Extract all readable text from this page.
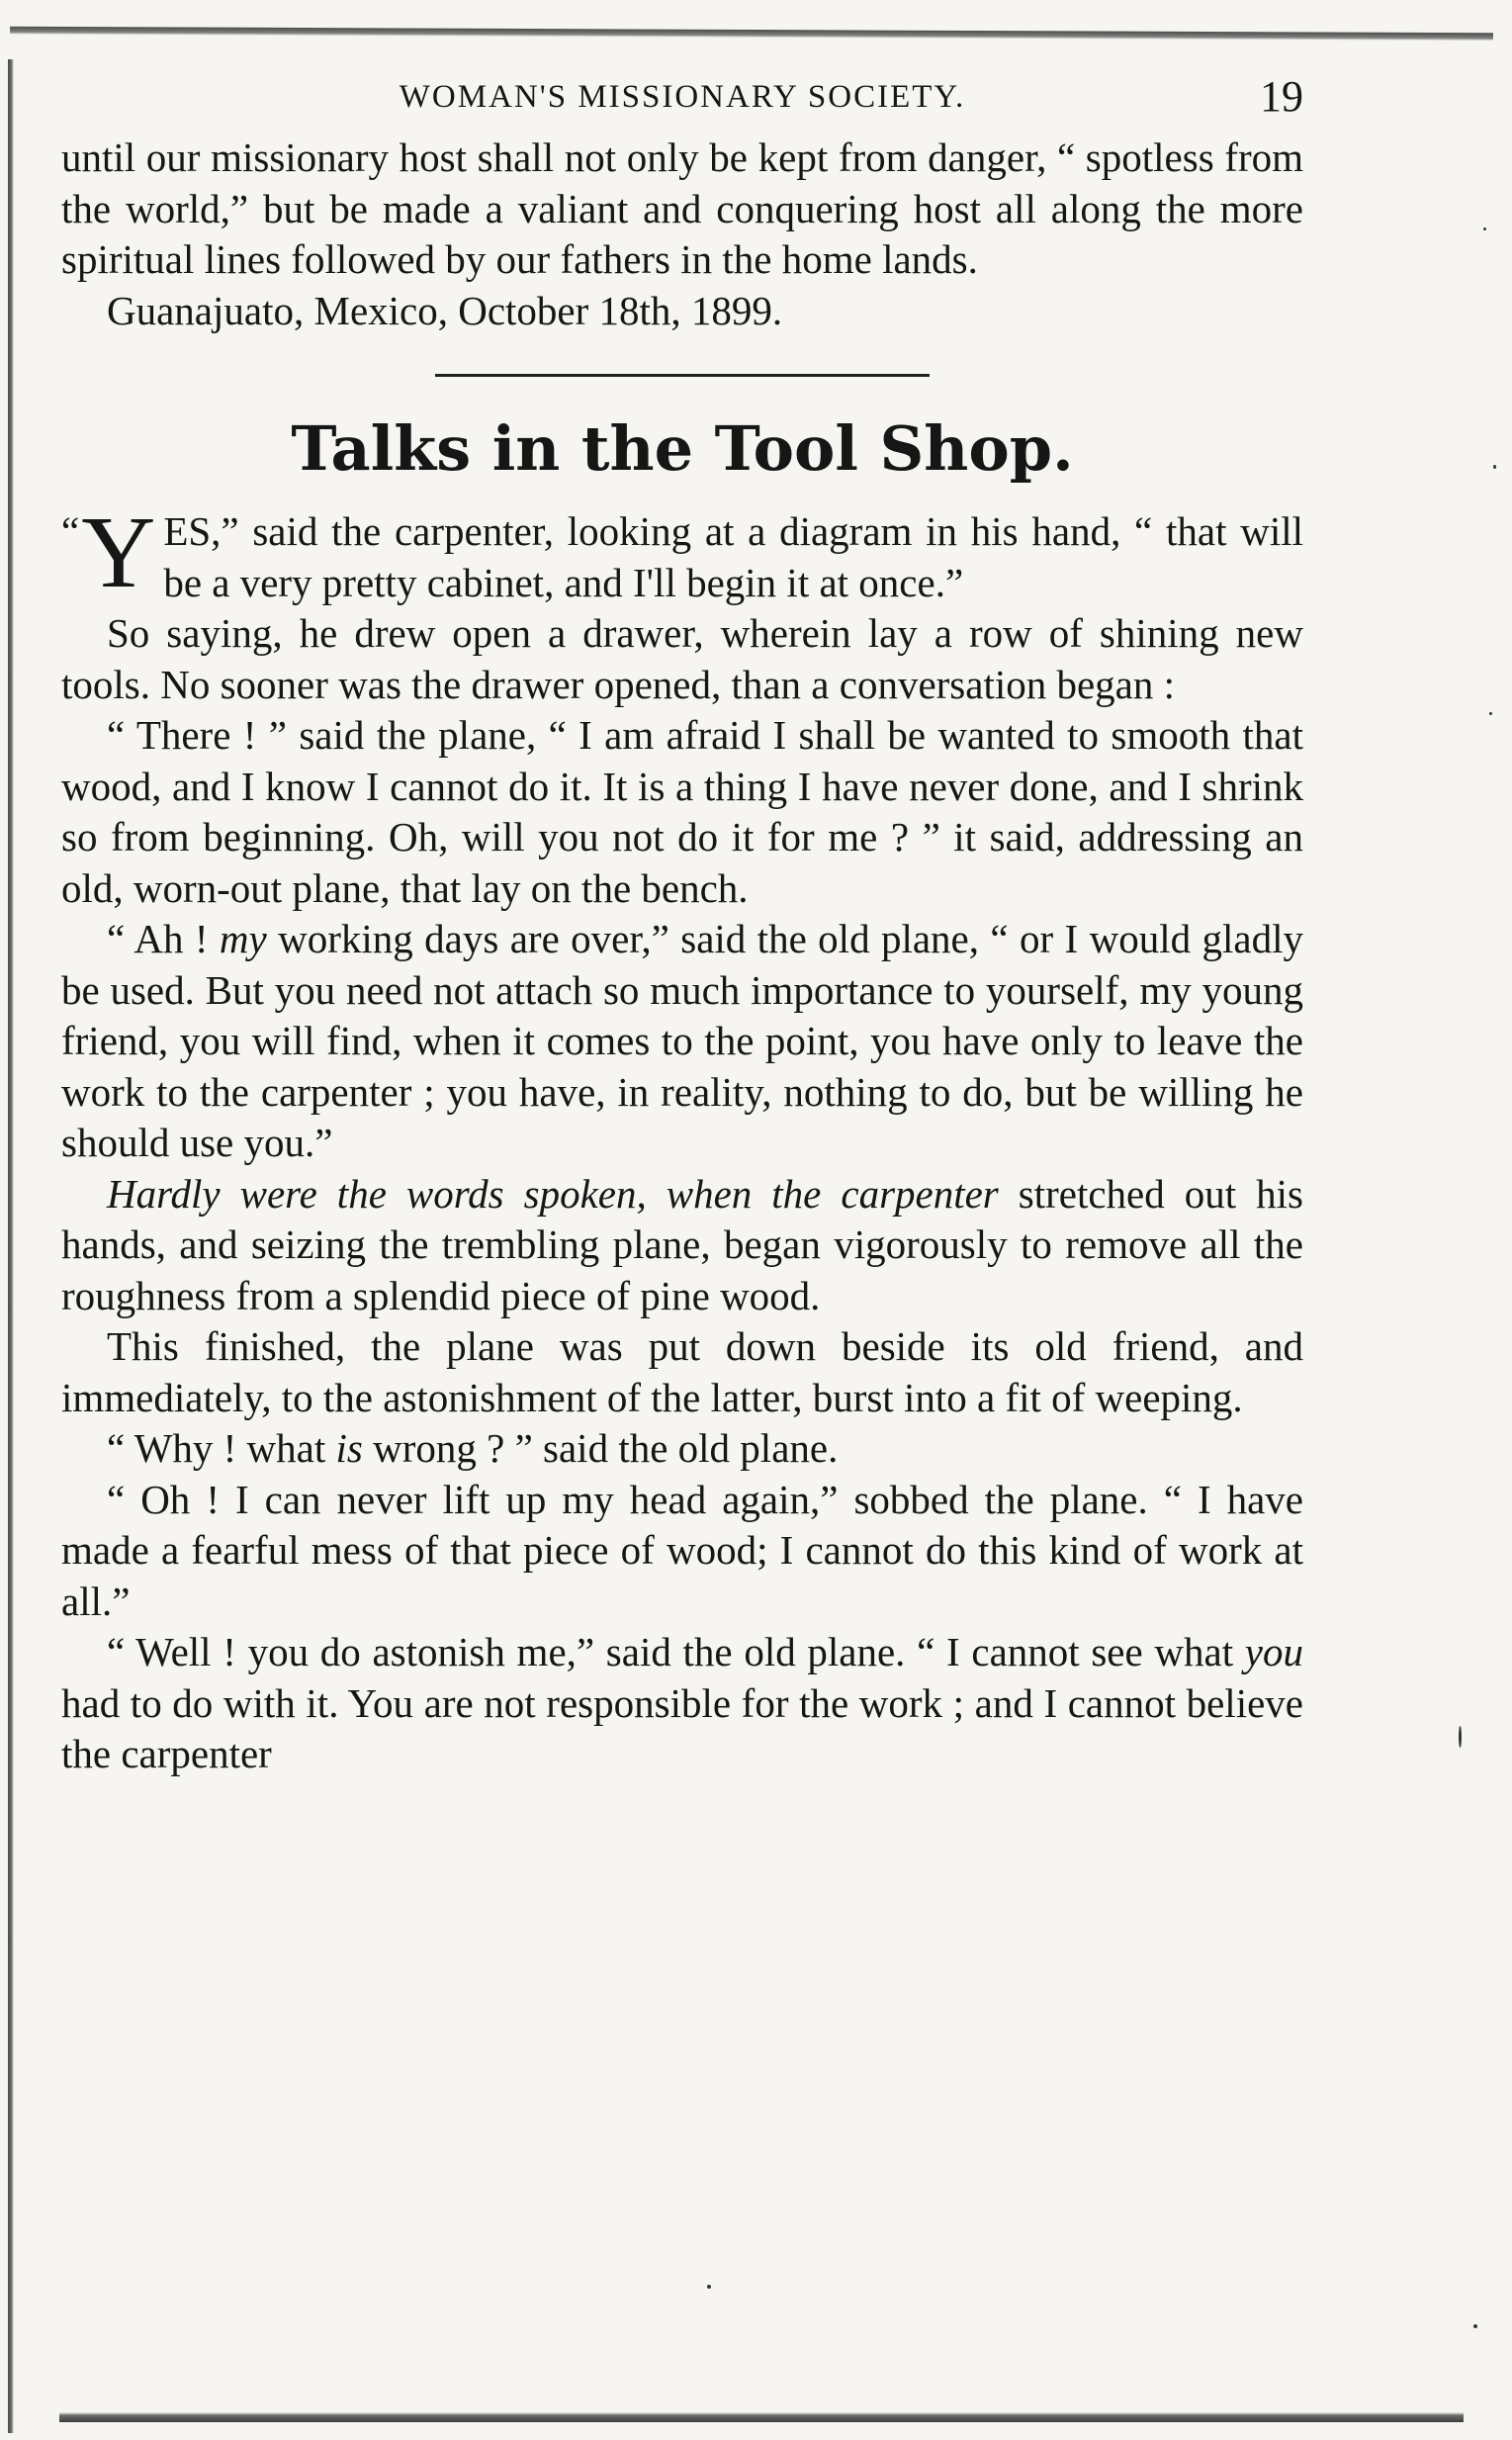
WOMAN'S MISSIONARY SOCIETY.	19

until our missionary host shall not only be kept from danger, “ spotless from the world,” but be made a valiant and conquering host all along the more spiritual lines followed by our fathers in the home lands.

Guanajuato, Mexico, October 18th, 1899.

Talks in the Tool Shop.

“ Y ES,” said the carpenter, looking at a diagram in his hand, “ that will be a very pretty cabinet, and I'll begin it at once.”

So saying, he drew open a drawer, wherein lay a row of shining new tools. No sooner was the drawer opened, than a conversation began :

“ There ! ” said the plane, “ I am afraid I shall be wanted to smooth that wood, and I know I cannot do it. It is a thing I have never done, and I shrink so from beginning. Oh, will you not do it for me ? ” it said, addressing an old, worn-out plane, that lay on the bench.

“ Ah ! my working days are over,” said the old plane, “ or I would gladly be used. But you need not attach so much importance to yourself, my young friend, you will find, when it comes to the point, you have only to leave the work to the carpenter ; you have, in reality, nothing to do, but be willing he should use you.”

Hardly were the words spoken, when the carpenter stretched out his hands, and seizing the trembling plane, began vigorously to remove all the roughness from a splendid piece of pine wood.

This finished, the plane was put down beside its old friend, and immediately, to the astonishment of the latter, burst into a fit of weeping.

“ Why ! what is wrong ? ” said the old plane.

“ Oh ! I can never lift up my head again,” sobbed the plane. “ I have made a fearful mess of that piece of wood; I cannot do this kind of work at all.”

“ Well ! you do astonish me,” said the old plane. “ I cannot see what you had to do with it. You are not responsible for the work ; and I cannot believe the carpenter
